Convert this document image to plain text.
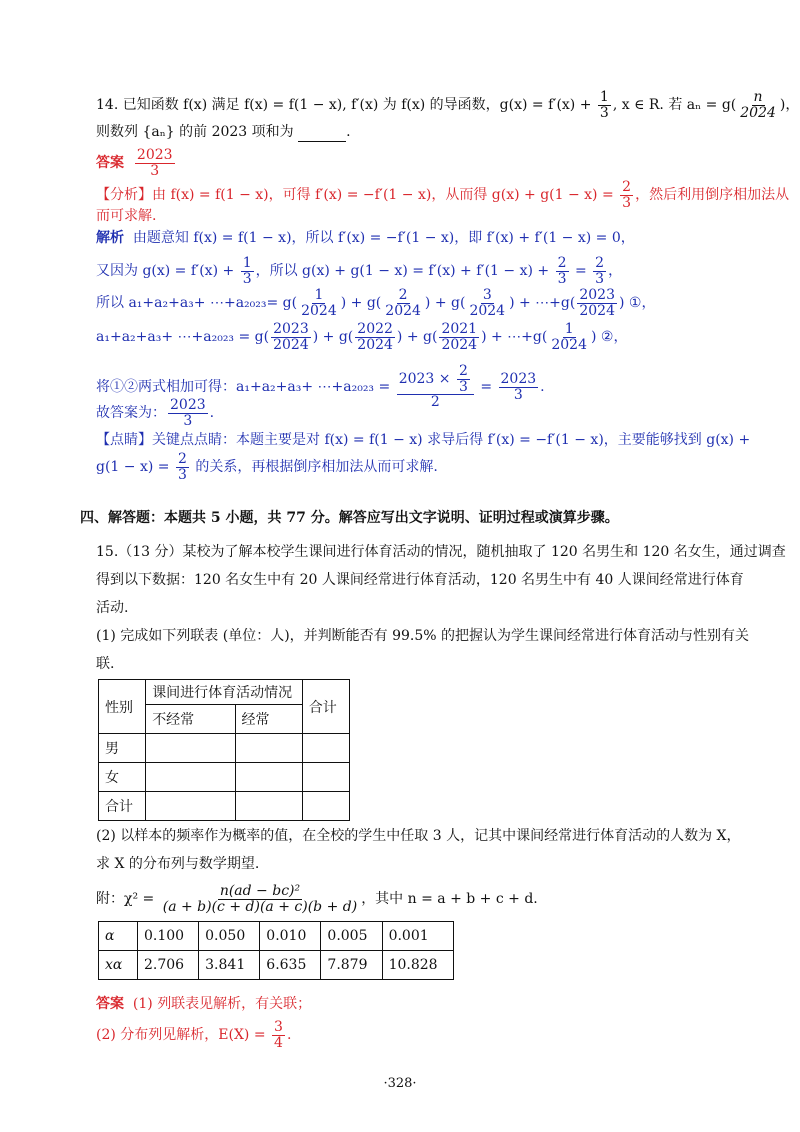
14. 已知函数 f(x) 满足 f(x) = f(1 − x), f′(x) 为 f(x) 的导函数，$g(x) = f'(x) + \frac{1}{3}$ , x ∈ R. 若 $a_n = g( \frac{n}{2024}$ )，
则数列 {aₙ} 的前 2023 项和为	.
答案 $\frac{2023}{3}$
【分析】由 f(x) = f(1 − x)，可得 f′(x) = −f′(1 − x)，从而得 $g(x) + g(1 - x) = \frac{2}{3}$ ，然后利用倒序相加法从
而可求解.
解析 由题意知 f(x) = f(1 − x)，所以 f′(x) = −f′(1 − x)，即 f′(x) + f′(1 − x) = 0，
又因为 $g(x) = f'(x) + \frac{1}{3}$ ，所以 $g(x) + g(1 - x) = f'(x) + f'(1 - x) + \frac{2}{3} = \frac{2}{3}$ ，
所以 a₁+a₂+a₃+ ⋯+a₂₀₂₃= $g( \frac{1}{2024}$ ) + $g( \frac{2}{2024}$ ) + $g( \frac{3}{2024}$ ) + ⋯+g( $\frac{2023}{2024}$ ) ①，
a₁+a₂+a₃+ ⋯+a₂₀₂₃ = $g( \frac{2023}{2024}$ ) + $g( \frac{2022}{2024}$ ) + $g( \frac{2021}{2024}$ ) + ⋯+g( $\frac{1}{2024}$ ) ②，
将①②两式相加可得：a₁+a₂+a₃+ ⋯+a₂₀₂₃ = $\frac{2023 \times \frac{2}{3}}{2} = \frac{2023}{3}$ .
故答案为： $\frac{2023}{3}$ .
【点睛】关键点点睛：本题主要是对 f(x) = f(1 − x) 求导后得 f′(x) = −f′(1 − x)，主要能够找到 g(x) +
$g(1 - x) = \frac{2}{3}$ 的关系，再根据倒序相加法从而可求解.
四、解答题：本题共 5 小题，共 77 分。解答应写出文字说明、证明过程或演算步骤。
15.（13 分）某校为了解本校学生课间进行体育活动的情况，随机抽取了 120 名男生和 120 名女生，通过调查
得到以下数据：120 名女生中有 20 人课间经常进行体育活动，120 名男生中有 40 人课间经常进行体育
活动.
(1) 完成如下列联表 (单位：人)，并判断能否有 99.5% 的把握认为学生课间经常进行体育活动与性别有关
联.
性别	课间进行体育活动情况		合计
	不经常	经常	
男			
女			
合计			
(2) 以样本的频率作为概率的值，在全校的学生中任取 3 人，记其中课间经常进行体育活动的人数为 X，
求 X 的分布列与数学期望.
附：$\chi^2 = \frac{\text{n(ad − bc)²}}{(a + b)(c + d)(a + c)(b + d)}$ ，其中 n = a + b + c + d.
α	0.100	0.050	0.010	0.005	0.001
xα	2.706	3.841	6.635	7.879	10.828
答案 (1) 列联表见解析，有关联；
(2) 分布列见解析，$E(X) = \frac{3}{4}$ .
·328·
